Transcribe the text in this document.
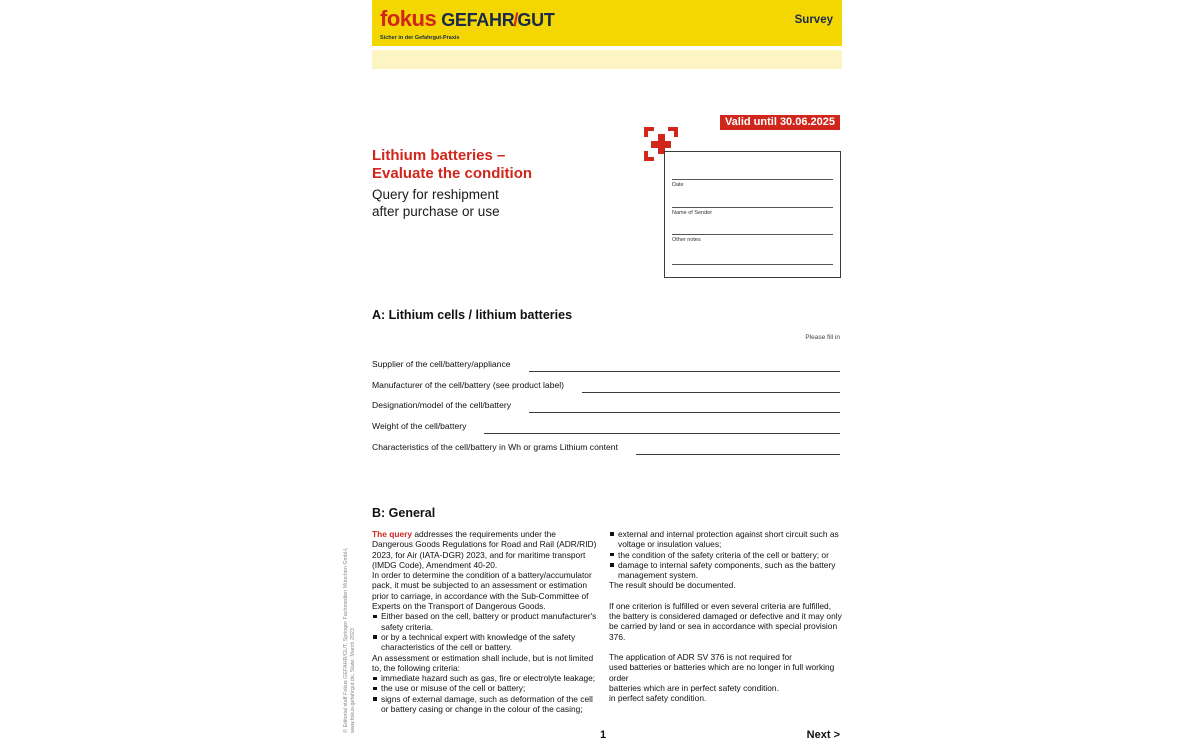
© Editorial staff Fokus GEFAHR/GUT, Springer Fachmedien München GmbH, www.fokus-gefahrgut.de, State: March 2023
fokus GEFAHR/GUT
Sicher in der Gefahrgut-Praxis
Survey
Valid until 30.06.2025
Lithium batteries –
Evaluate the condition
Query for reshipment
after purchase or use
Date
Name of Sender
Other notes
A: Lithium cells / lithium batteries
Please fill in
Supplier of the cell/battery/appliance
Manufacturer of the cell/battery (see product label)
Designation/model of the cell/battery
Weight of the cell/battery
Characteristics of the cell/battery in Wh or grams Lithium content
B: General
The query addresses the requirements under the Dangerous Goods Regulations for Road and Rail (ADR/RID) 2023, for Air (IATA-DGR) 2023, and for maritime transport (IMDG Code), Amendment 40-20.
In order to determine the condition of a battery/accumulator pack, it must be subjected to an assessment or estimation prior to carriage, in accordance with the Sub-Committee of Experts on the Transport of Dangerous Goods.
Either based on the cell, battery or product manufacturer's safety criteria.
or by a technical expert with knowledge of the safety characteristics of the cell or battery.
An assessment or estimation shall include, but is not limited to, the following criteria:
immediate hazard such as gas, fire or electrolyte leakage;
the use or misuse of the cell or battery;
signs of external damage, such as deformation of the cell or battery casing or change in the colour of the casing;
external and internal protection against short circuit such as voltage or insulation values;
the condition of the safety criteria of the cell or battery; or
damage to internal safety components, such as the battery management system.
The result should be documented.
If one criterion is fulfilled or even several criteria are fulfilled, the battery is considered damaged or defective and it may only be carried by land or sea in accordance with special provision 376.
The application of ADR SV 376 is not required for
used batteries or batteries which are no longer in full working order
batteries which are in perfect safety condition.
in perfect safety condition.
1	Next >
